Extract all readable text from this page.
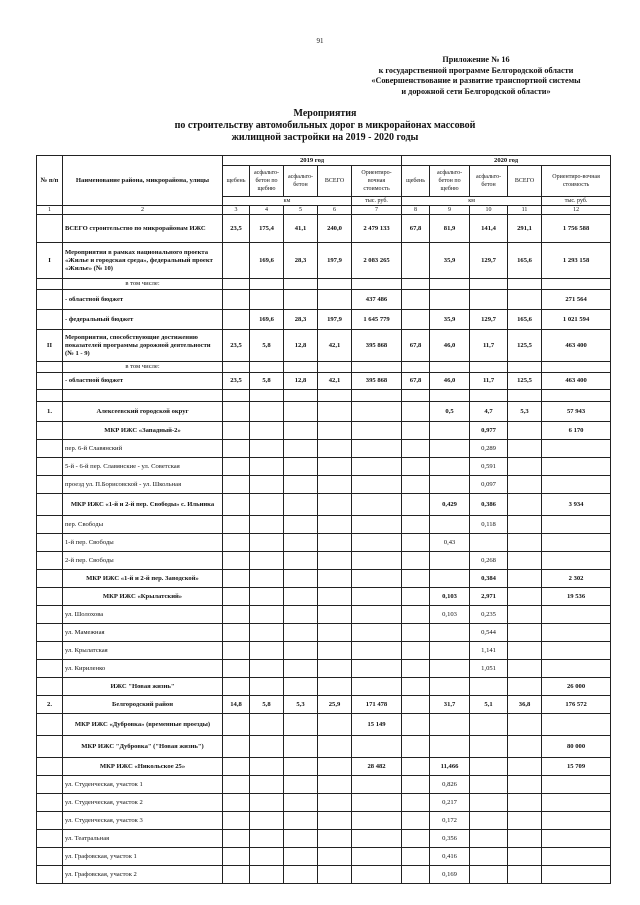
91
Приложение № 16
к государственной программе Белгородской области
«Совершенствование и развитие транспортной системы
и дорожной сети Белгородской области»
Мероприятия
по строительству автомобильных дорог в микрорайонах массовой
жилищной застройки на 2019 - 2020 годы
№ п/п	Наименование района, микрорайона, улицы	2019 год					2020 год				
		щебень	асфальто-бетон по щебню	асфальто-бетон	ВСЕГО	Ориентиро-вочная стоимость	щебень	асфальто-бетон по щебню	асфальто-бетон	ВСЕГО	Ориентиро-вочная стоимость
		км				тыс. руб.	км				тыс. руб.
1	2	3	4	5	6	7	8	9	10	11	12
	ВСЕГО строительство по микрорайонам ИЖС	23,5	175,4	41,1	240,0	2 479 133	67,8	81,9	141,4	291,1	1 756 588
I	Мероприятия в рамках национального проекта «Жилье и городская среда», федеральный проект «Жилье» (№ 10)		169,6	28,3	197,9	2 083 265		35,9	129,7	165,6	1 293 158
	в том числе:										
	- областной бюджет					437 486					271 564
	- федеральный бюджет		169,6	28,3	197,9	1 645 779		35,9	129,7	165,6	1 021 594
II	Мероприятия, способствующие достижению показателей программы дорожной деятельности (№ 1 - 9)	23,5	5,8	12,8	42,1	395 868	67,8	46,0	11,7	125,5	463 400
	в том числе:										
	- областной бюджет	23,5	5,8	12,8	42,1	395 868	67,8	46,0	11,7	125,5	463 400

1.	Алексеевский городской округ							0,5	4,7	5,3	57 943
	МКР ИЖС «Западный-2»								0,977		6 170
	пер. 6-й Славянский								0,289		
	5-й - 6-й пер. Славянские - ул. Советская								0,591		
	проезд ул. П.Борисовской - ул. Школьная								0,097		
	МКР ИЖС «1-й и 2-й пер. Свободы» с. Ильинка							0,429	0,386		3 934
	пер. Свободы								0,118		
	1-й пер. Свободы							0,43			
	2-й пер. Свободы								0,268		
	МКР ИЖС «1-й и 2-й пер. Заводской»								0,384		2 302
	МКР ИЖС «Крылатский»							0,103	2,971		19 536
	ул. Шолохова							0,103	0,235		
	ул. Мамежная								0,544		
	ул. Крылатская								1,141		
	ул. Кириленко								1,051		
	ИЖС "Новая жизнь"										26 000
2.	Белгородский район	14,8	5,8	5,3	25,9	171 478		31,7	5,1	36,8	176 572
	МКР ИЖС «Дубровка» (временные проезды)					15 149					
	МКР ИЖС "Дубровка" ("Новая жизнь")										80 000
	МКР ИЖС «Никольское 25»					28 482		11,466			15 709
	ул. Студенческая, участок 1							0,826			
	ул. Студенческая, участок 2							0,217			
	ул. Студенческая, участок 3							0,172			
	ул. Театральная							0,356			
	ул. Графовская, участок 1							0,416			
	ул. Графовская, участок 2							0,169			
